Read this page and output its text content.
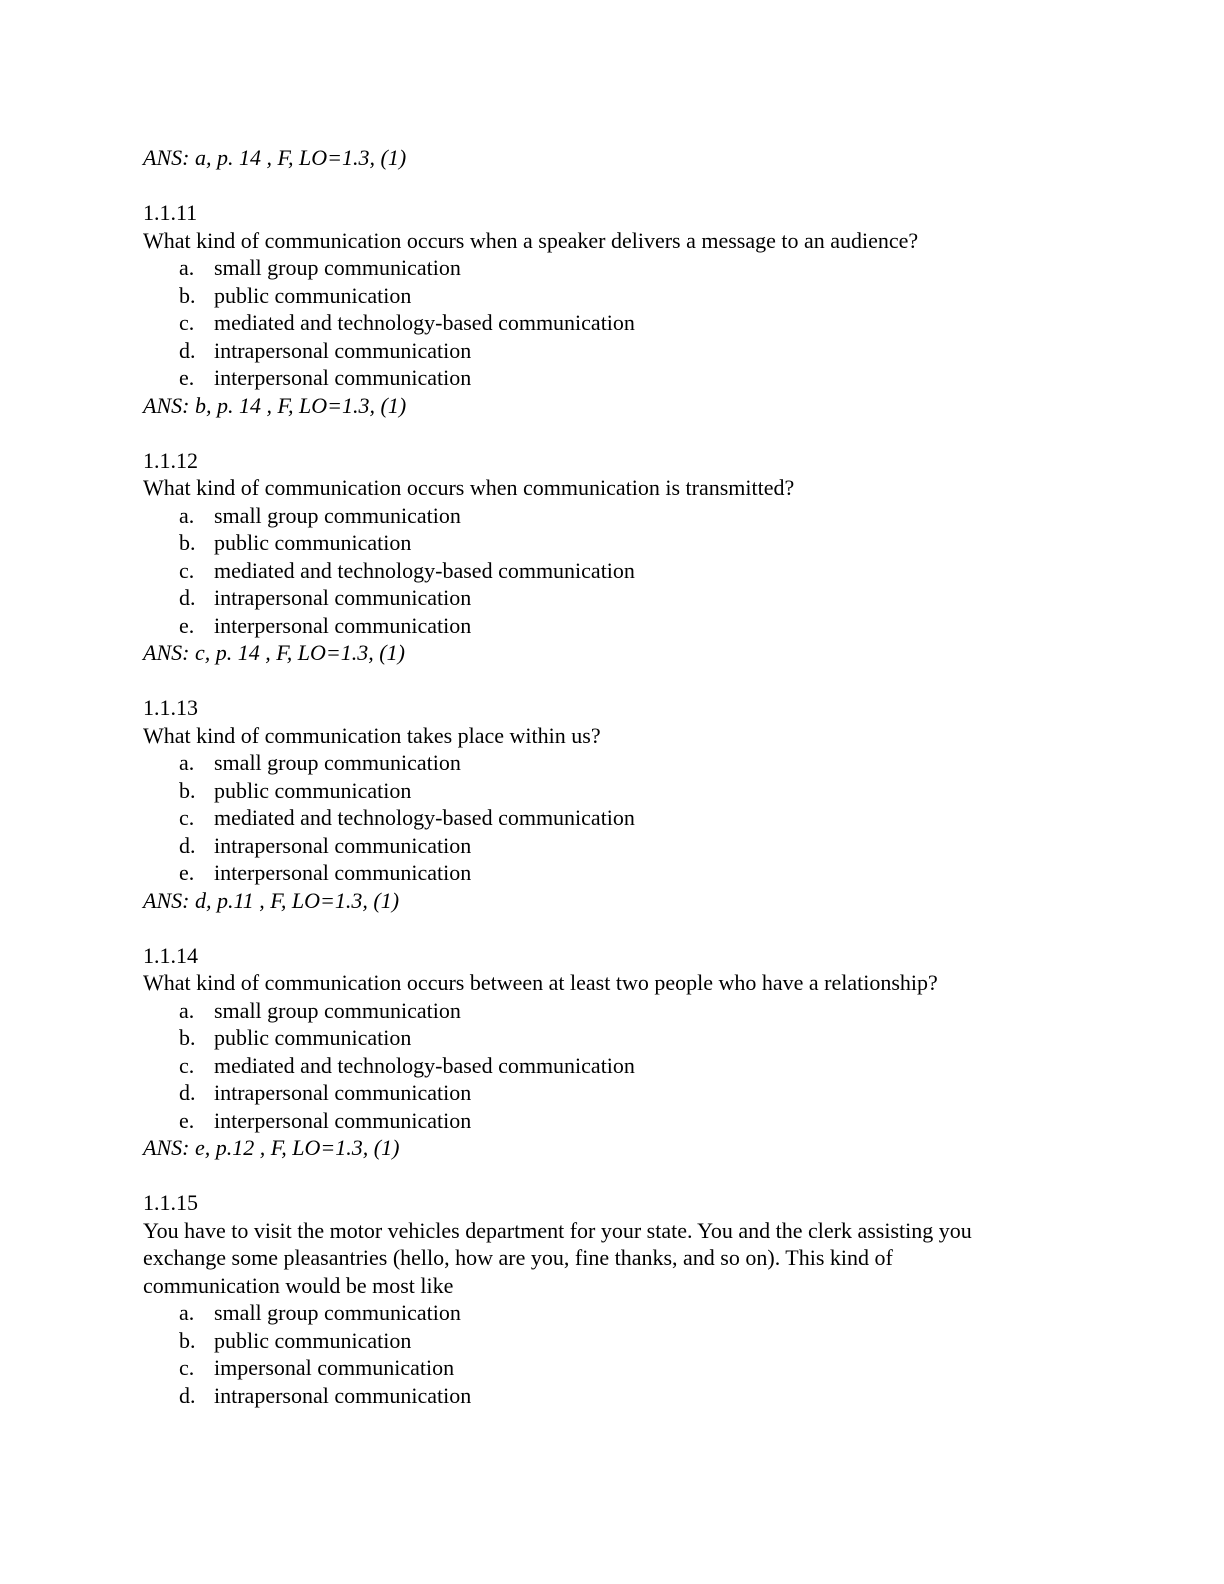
ANS: a, p. 14 , F, LO=1.3, (1)
1.1.11
What kind of communication occurs when a speaker delivers a message to an audience?
a. small group communication
b. public communication
c. mediated and technology-based communication
d. intrapersonal communication
e. interpersonal communication
ANS: b, p. 14 , F, LO=1.3, (1)
1.1.12
What kind of communication occurs when communication is transmitted?
a. small group communication
b. public communication
c. mediated and technology-based communication
d. intrapersonal communication
e. interpersonal communication
ANS: c, p. 14 , F, LO=1.3, (1)
1.1.13
What kind of communication takes place within us?
a. small group communication
b. public communication
c. mediated and technology-based communication
d. intrapersonal communication
e. interpersonal communication
ANS: d, p.11 , F, LO=1.3, (1)
1.1.14
What kind of communication occurs between at least two people who have a relationship?
a. small group communication
b. public communication
c. mediated and technology-based communication
d. intrapersonal communication
e. interpersonal communication
ANS: e, p.12 , F, LO=1.3, (1)
1.1.15
You have to visit the motor vehicles department for your state. You and the clerk assisting you
exchange some pleasantries (hello, how are you, fine thanks, and so on). This kind of
communication would be most like
a. small group communication
b. public communication
c. impersonal communication
d. intrapersonal communication
